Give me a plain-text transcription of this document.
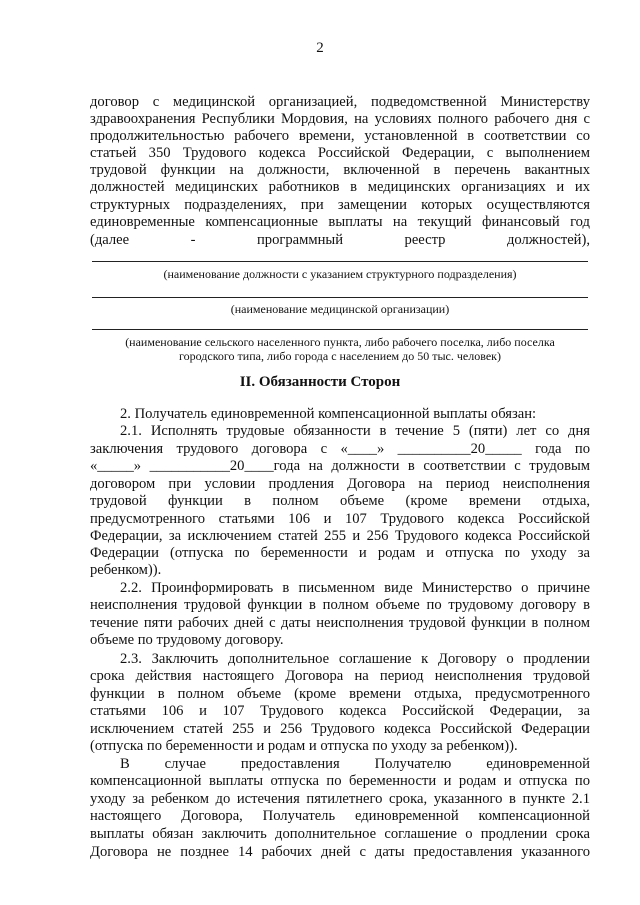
2
договор с медицинской организацией, подведомственной Министерству
здравоохранения Республики Мордовия, на условиях полного рабочего дня с
продолжительностью рабочего времени, установленной в соответствии со
статьей 350 Трудового кодекса Российской Федерации, с выполнением
трудовой функции на должности, включенной в перечень вакантных
должностей медицинских работников в медицинских организациях и их
структурных подразделениях, при замещении которых осуществляются
единовременные компенсационные выплаты на текущий финансовый год
(далее - программный реестр должностей),
(наименование должности с указанием структурного подразделения)
(наименование медицинской организации)
(наименование сельского населенного пункта, либо рабочего поселка, либо поселка
городского типа, либо города с населением до 50 тыс. человек)
II. Обязанности Сторон
2. Получатель единовременной компенсационной выплаты обязан:
2.1. Исполнять трудовые обязанности в течение 5 (пяти) лет со дня
заключения трудового договора с «____» __________20_____ года по
«_____» ___________20____года на должности в соответствии с трудовым
договором при условии продления Договора на период неисполнения
трудовой функции в полном объеме (кроме времени отдыха,
предусмотренного статьями 106 и 107 Трудового кодекса Российской
Федерации, за исключением статей 255 и 256 Трудового кодекса Российской
Федерации (отпуска по беременности и родам и отпуска по уходу за
ребенком)).
2.2. Проинформировать в письменном виде Министерство о причине
неисполнения трудовой функции в полном объеме по трудовому договору в
течение пяти рабочих дней с даты неисполнения трудовой функции в полном
объеме по трудовому договору.
2.3. Заключить дополнительное соглашение к Договору о продлении
срока действия настоящего Договора на период неисполнения трудовой
функции в полном объеме (кроме времени отдыха, предусмотренного
статьями 106 и 107 Трудового кодекса Российской Федерации, за
исключением статей 255 и 256 Трудового кодекса Российской Федерации
(отпуска по беременности и родам и отпуска по уходу за ребенком)).
В случае предоставления Получателю единовременной
компенсационной выплаты отпуска по беременности и родам и отпуска по
уходу за ребенком до истечения пятилетнего срока, указанного в пункте 2.1
настоящего Договора, Получатель единовременной компенсационной
выплаты обязан заключить дополнительное соглашение о продлении срока
Договора не позднее 14 рабочих дней с даты предоставления указанного
